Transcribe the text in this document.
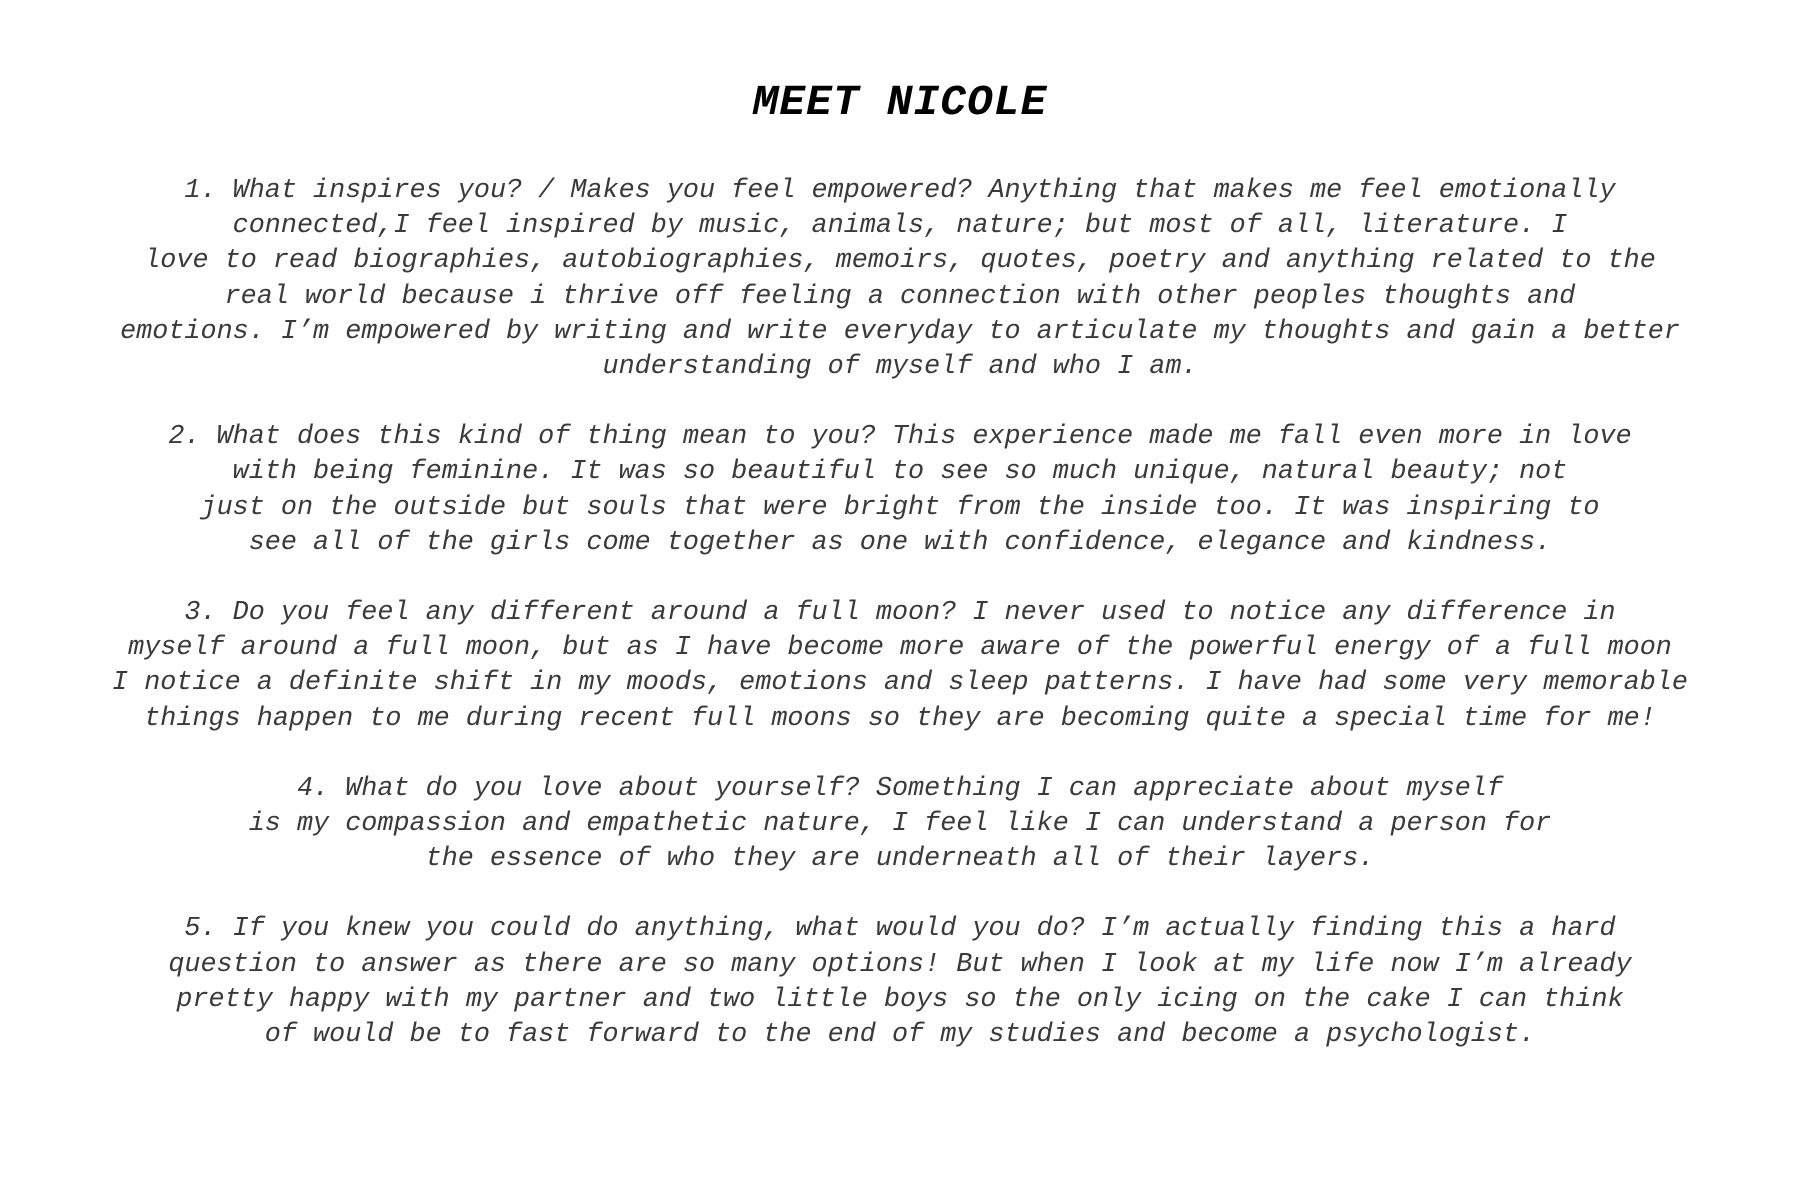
MEET NICOLE
1. What inspires you? / Makes you feel empowered? Anything that makes me feel emotionally
connected,I feel inspired by music, animals, nature; but most of all, literature. I
love to read biographies, autobiographies, memoirs, quotes, poetry and anything related to the
real world because i thrive off feeling a connection with other peoples thoughts and
emotions. I’m empowered by writing and write everyday to articulate my thoughts and gain a better
understanding of myself and who I am.
2. What does this kind of thing mean to you? This experience made me fall even more in love
with being feminine. It was so beautiful to see so much unique, natural beauty; not
just on the outside but souls that were bright from the inside too. It was inspiring to
see all of the girls come together as one with confidence, elegance and kindness.
3. Do you feel any different around a full moon? I never used to notice any difference in
myself around a full moon, but as I have become more aware of the powerful energy of a full moon
I notice a definite shift in my moods, emotions and sleep patterns. I have had some very memorable
things happen to me during recent full moons so they are becoming quite a special time for me!
4. What do you love about yourself? Something I can appreciate about myself
is my compassion and empathetic nature, I feel like I can understand a person for
the essence of who they are underneath all of their layers.
5. If you knew you could do anything, what would you do? I’m actually finding this a hard
question to answer as there are so many options! But when I look at my life now I’m already
pretty happy with my partner and two little boys so the only icing on the cake I can think
of would be to fast forward to the end of my studies and become a psychologist.
